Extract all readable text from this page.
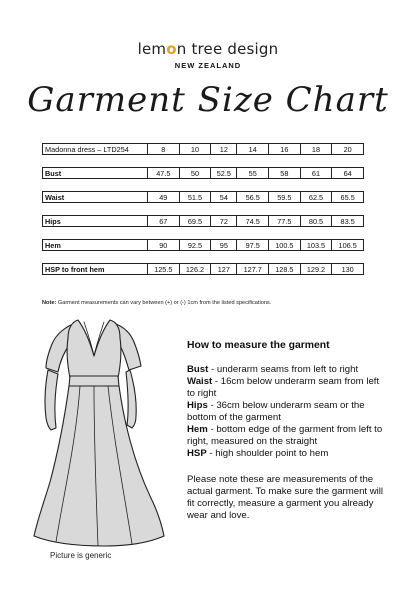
lemon tree design
NEW ZEALAND
Garment Size Chart
Madonna dress – LTD254	8	10	12	14	16	18	20

Bust	47.5	50	52.5	55	58	61	64

Waist	49	51.5	54	56.5	59.5	62.5	65.5

Hips	67	69.5	72	74.5	77.5	80.5	83.5

Hem	90	92.5	95	97.5	100.5	103.5	106.5

HSP to front hem	125.5	126.2	127	127.7	128.5	129.2	130
Note: Garment measurements can vary between (+) or (-) 1cm from the listed specifications.
Picture is generic
How to measure the garment
Bust - underarm seams from left to right
Waist - 16cm below underarm seam from left to right
Hips - 36cm below underarm seam or the bottom of the garment
Hem - bottom edge of the garment from left to right, measured on the straight
HSP - high shoulder point to hem
Please note these are measurements of the actual garment. To make sure the garment will fit correctly, measure a garment you already wear and love.
